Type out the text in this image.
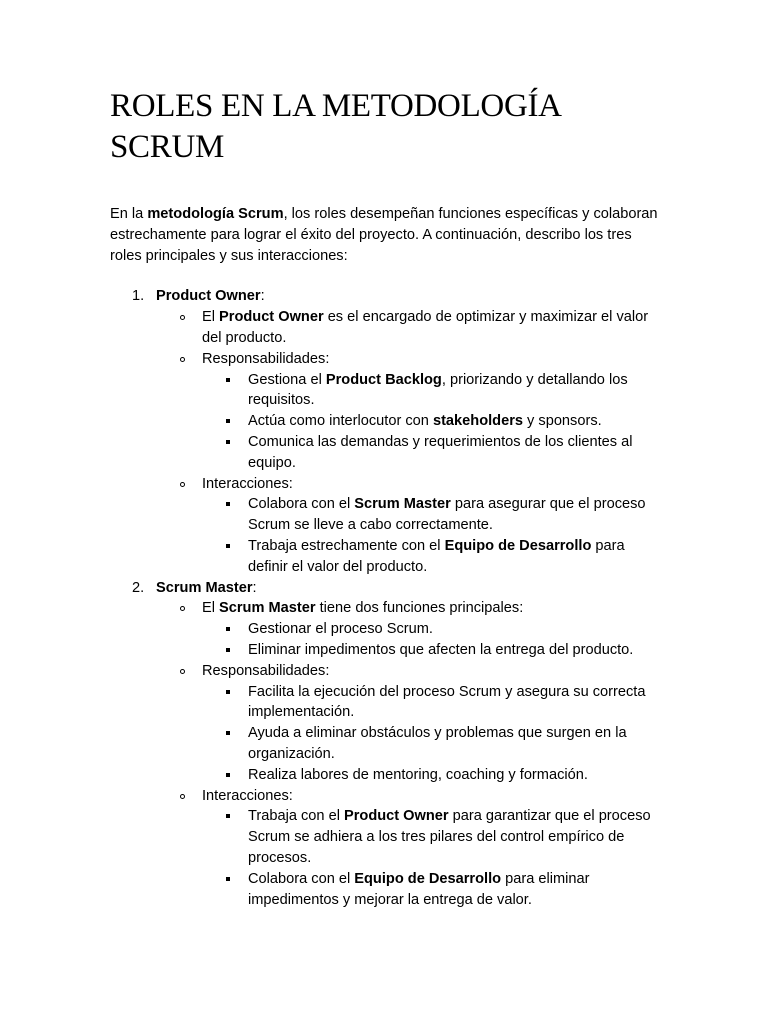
ROLES EN LA METODOLOGÍA
SCRUM

En la metodología Scrum, los roles desempeñan funciones específicas y colaboran estrechamente para lograr el éxito del proyecto. A continuación, describo los tres roles principales y sus interacciones:

1. Product Owner:
El Product Owner es el encargado de optimizar y maximizar el valor del producto.
Responsabilidades:
Gestiona el Product Backlog, priorizando y detallando los requisitos.
Actúa como interlocutor con stakeholders y sponsors.
Comunica las demandas y requerimientos de los clientes al equipo.
Interacciones:
Colabora con el Scrum Master para asegurar que el proceso Scrum se lleve a cabo correctamente.
Trabaja estrechamente con el Equipo de Desarrollo para definir el valor del producto.
2. Scrum Master:
El Scrum Master tiene dos funciones principales:
Gestionar el proceso Scrum.
Eliminar impedimentos que afecten la entrega del producto.
Responsabilidades:
Facilita la ejecución del proceso Scrum y asegura su correcta implementación.
Ayuda a eliminar obstáculos y problemas que surgen en la organización.
Realiza labores de mentoring, coaching y formación.
Interacciones:
Trabaja con el Product Owner para garantizar que el proceso Scrum se adhiera a los tres pilares del control empírico de procesos.
Colabora con el Equipo de Desarrollo para eliminar impedimentos y mejorar la entrega de valor.
